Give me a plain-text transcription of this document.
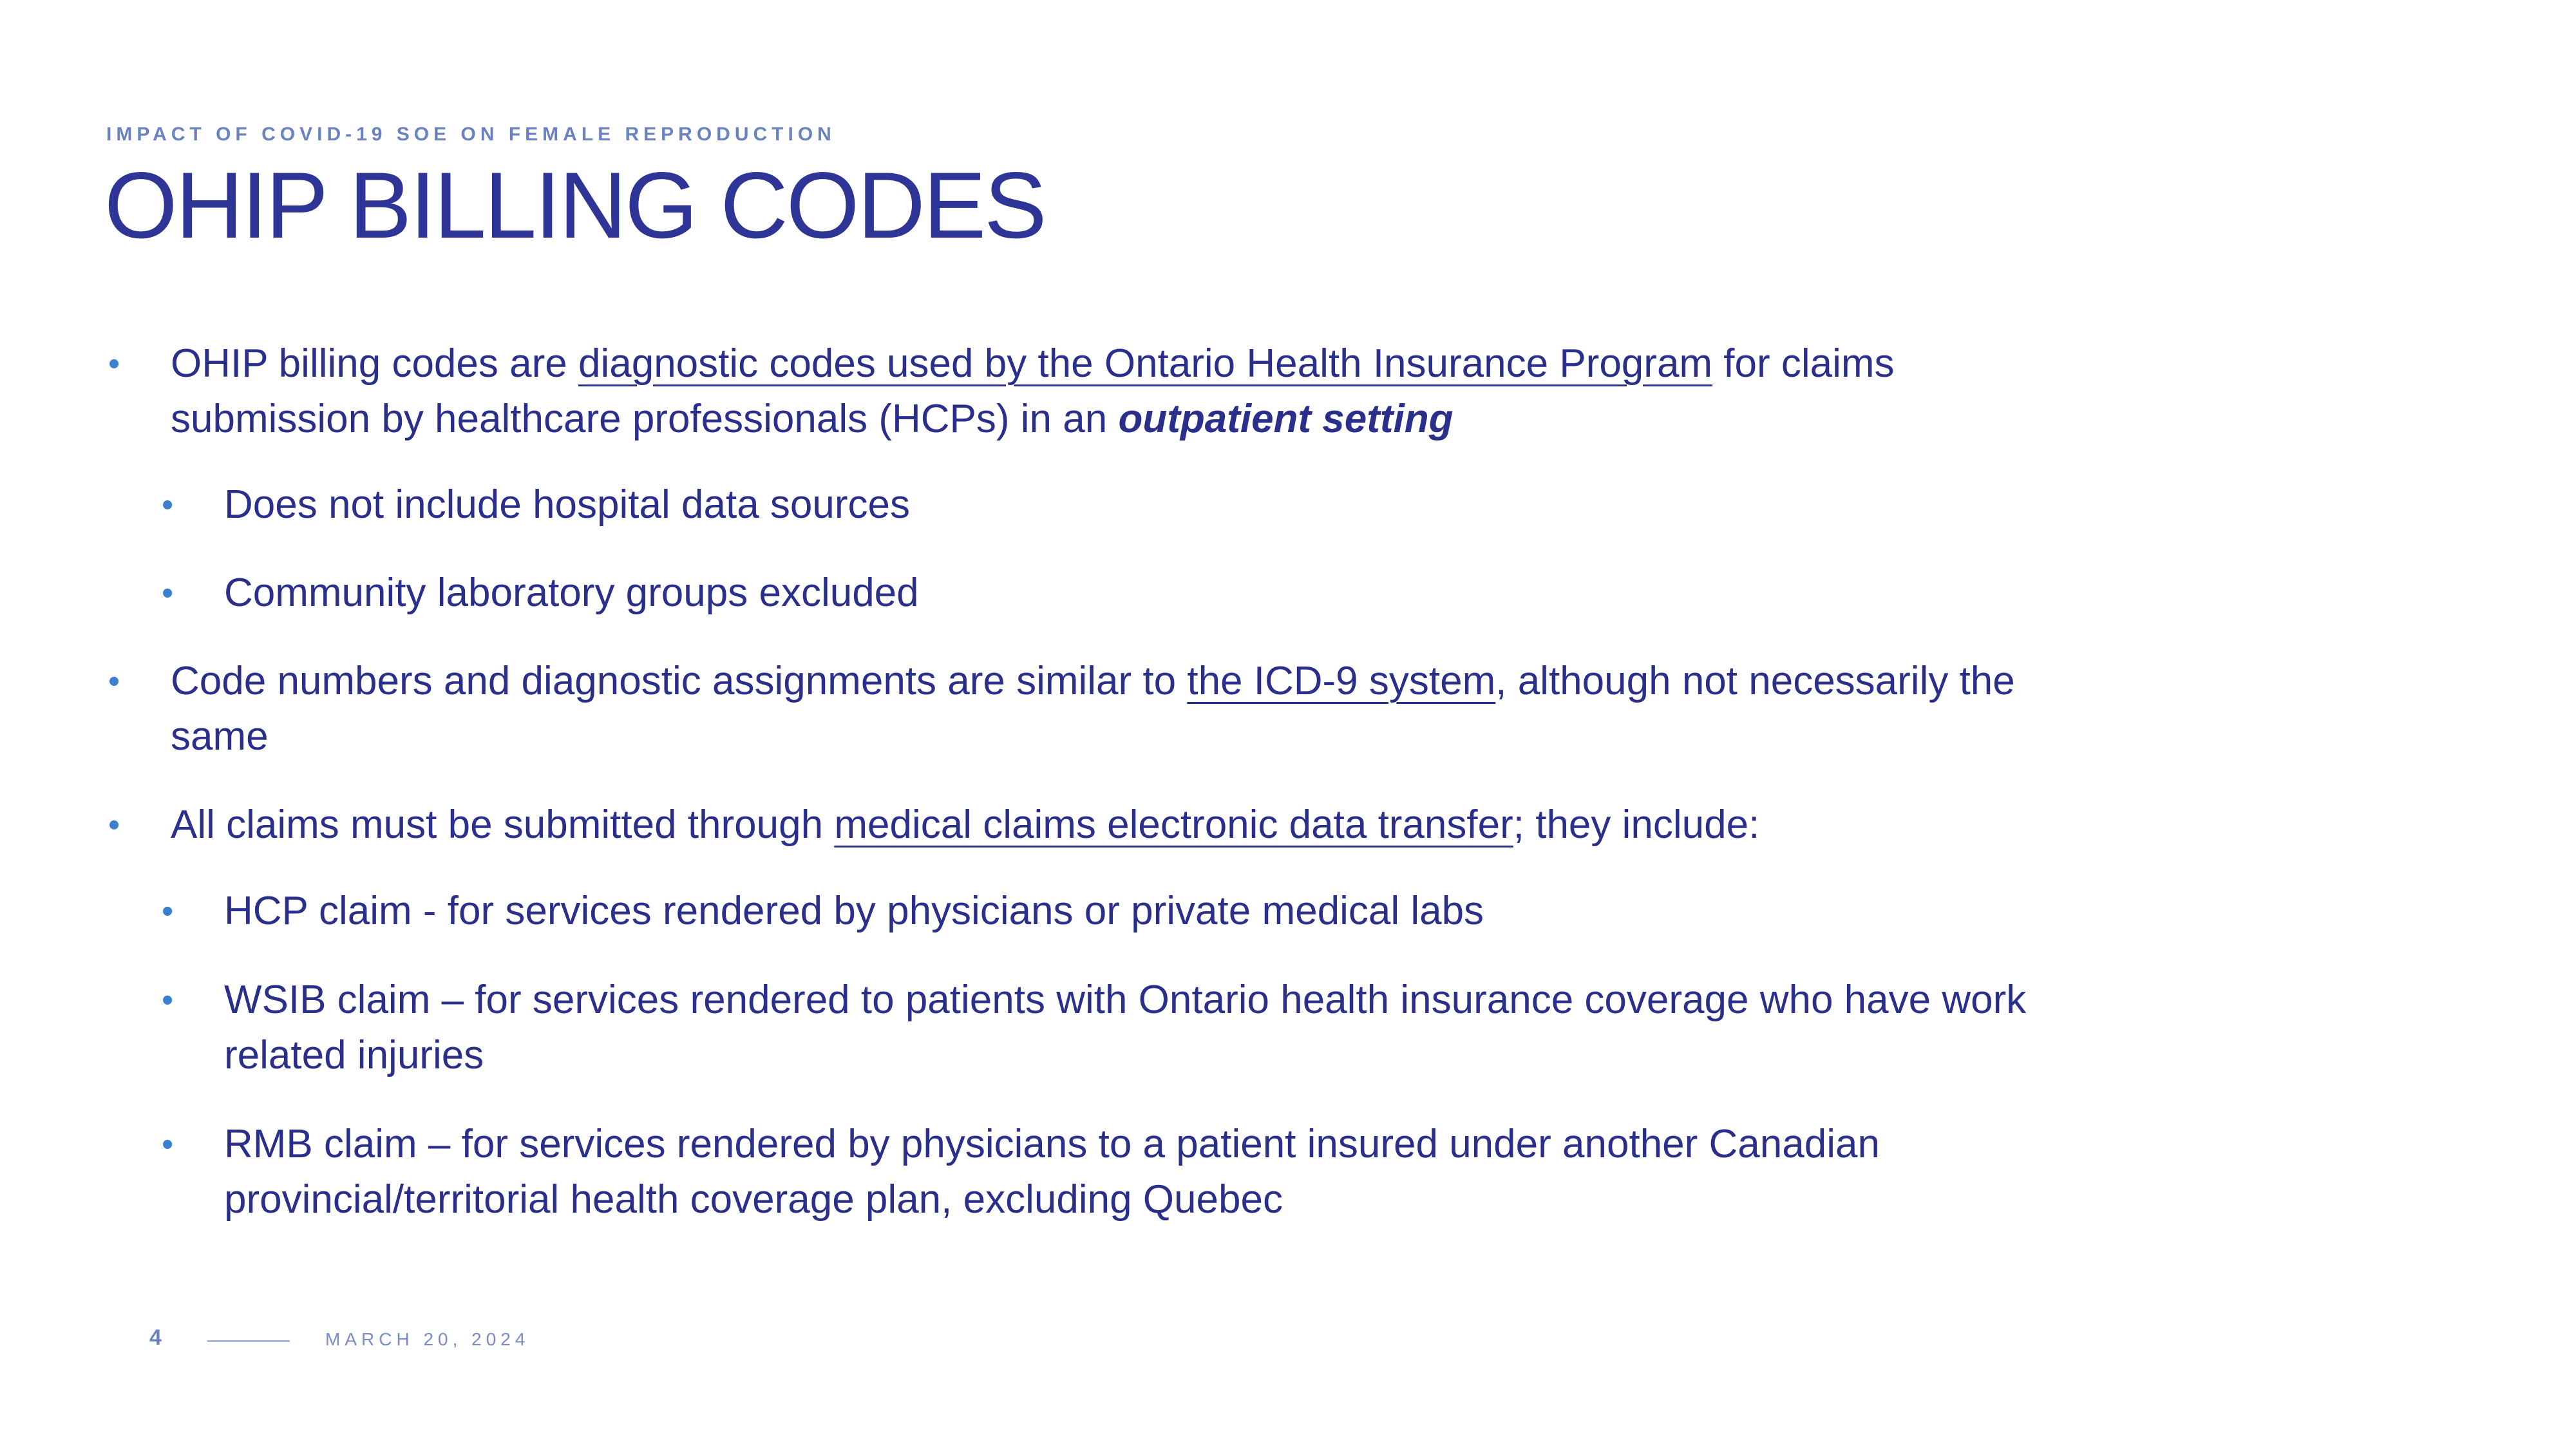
IMPACT OF COVID-19 SOE ON FEMALE REPRODUCTION
OHIP BILLING CODES
• OHIP billing codes are diagnostic codes used by the Ontario Health Insurance Program for claims submission by healthcare professionals (HCPs) in an outpatient setting
• Does not include hospital data sources
• Community laboratory groups excluded
• Code numbers and diagnostic assignments are similar to the ICD-9 system, although not necessarily the same
• All claims must be submitted through medical claims electronic data transfer; they include:
• HCP claim - for services rendered by physicians or private medical labs
• WSIB claim – for services rendered to patients with Ontario health insurance coverage who have work related injuries
• RMB claim – for services rendered by physicians to a patient insured under another Canadian provincial/territorial health coverage plan, excluding Quebec
4	MARCH 20, 2024
